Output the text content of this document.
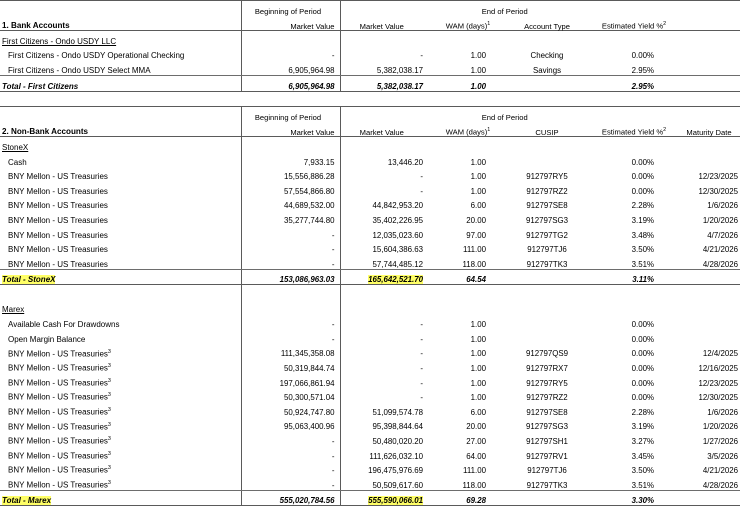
	Beginning of Period	End of Period				
1. Bank Accounts	Market Value	Market Value	WAM (days)$^1$	Account Type	Estimated Yield %$^2$	
First Citizens - Ondo USDY LLC						
First Citizens - Ondo USDY Operational Checking	-	-	1.00	Checking	0.00%	
First Citizens - Ondo USDY Select MMA	6,905,964.98	5,382,038.17	1.00	Savings	2.95%	
Total - First Citizens	6,905,964.98	5,382,038.17	1.00		2.95%	

	Beginning of Period	End of Period				
2. Non-Bank Accounts	Market Value	Market Value	WAM (days)$^1$	CUSIP	Estimated Yield %$^2$	Maturity Date
StoneX						
Cash	7,933.15	13,446.20	1.00		0.00%	
BNY Mellon - US Treasuries	15,556,886.28	-	1.00	912797RY5	0.00%	12/23/2025
BNY Mellon - US Treasuries	57,554,866.80	-	1.00	912797RZ2	0.00%	12/30/2025
BNY Mellon - US Treasuries	44,689,532.00	44,842,953.20	6.00	912797SE8	2.28%	1/6/2026
BNY Mellon - US Treasuries	35,277,744.80	35,402,226.95	20.00	912797SG3	3.19%	1/20/2026
BNY Mellon - US Treasuries	-	12,035,023.60	97.00	912797TG2	3.48%	4/7/2026
BNY Mellon - US Treasuries	-	15,604,386.63	111.00	912797TJ6	3.50%	4/21/2026
BNY Mellon - US Treasuries	-	57,744,485.12	118.00	912797TK3	3.51%	4/28/2026
Total - StoneX	153,086,963.03	165,642,521.70	64.54		3.11%	

Marex						
Available Cash For Drawdowns	-	-	1.00		0.00%	
Open Margin Balance	-	-	1.00		0.00%	
BNY Mellon - US Treasuries$^3$	111,345,358.08	-	1.00	912797QS9	0.00%	12/4/2025
BNY Mellon - US Treasuries$^3$	50,319,844.74	-	1.00	912797RX7	0.00%	12/16/2025
BNY Mellon - US Treasuries$^3$	197,066,861.94	-	1.00	912797RY5	0.00%	12/23/2025
BNY Mellon - US Treasuries$^3$	50,300,571.04	-	1.00	912797RZ2	0.00%	12/30/2025
BNY Mellon - US Treasuries$^3$	50,924,747.80	51,099,574.78	6.00	912797SE8	2.28%	1/6/2026
BNY Mellon - US Treasuries$^3$	95,063,400.96	95,398,844.64	20.00	912797SG3	3.19%	1/20/2026
BNY Mellon - US Treasuries$^3$	-	50,480,020.20	27.00	912797SH1	3.27%	1/27/2026
BNY Mellon - US Treasuries$^3$	-	111,626,032.10	64.00	912797RV1	3.45%	3/5/2026
BNY Mellon - US Treasuries$^3$	-	196,475,976.69	111.00	912797TJ6	3.50%	4/21/2026
BNY Mellon - US Treasuries$^3$	-	50,509,617.60	118.00	912797TK3	3.51%	4/28/2026
Total - Marex	555,020,784.56	555,590,066.01	69.28		3.30%	
